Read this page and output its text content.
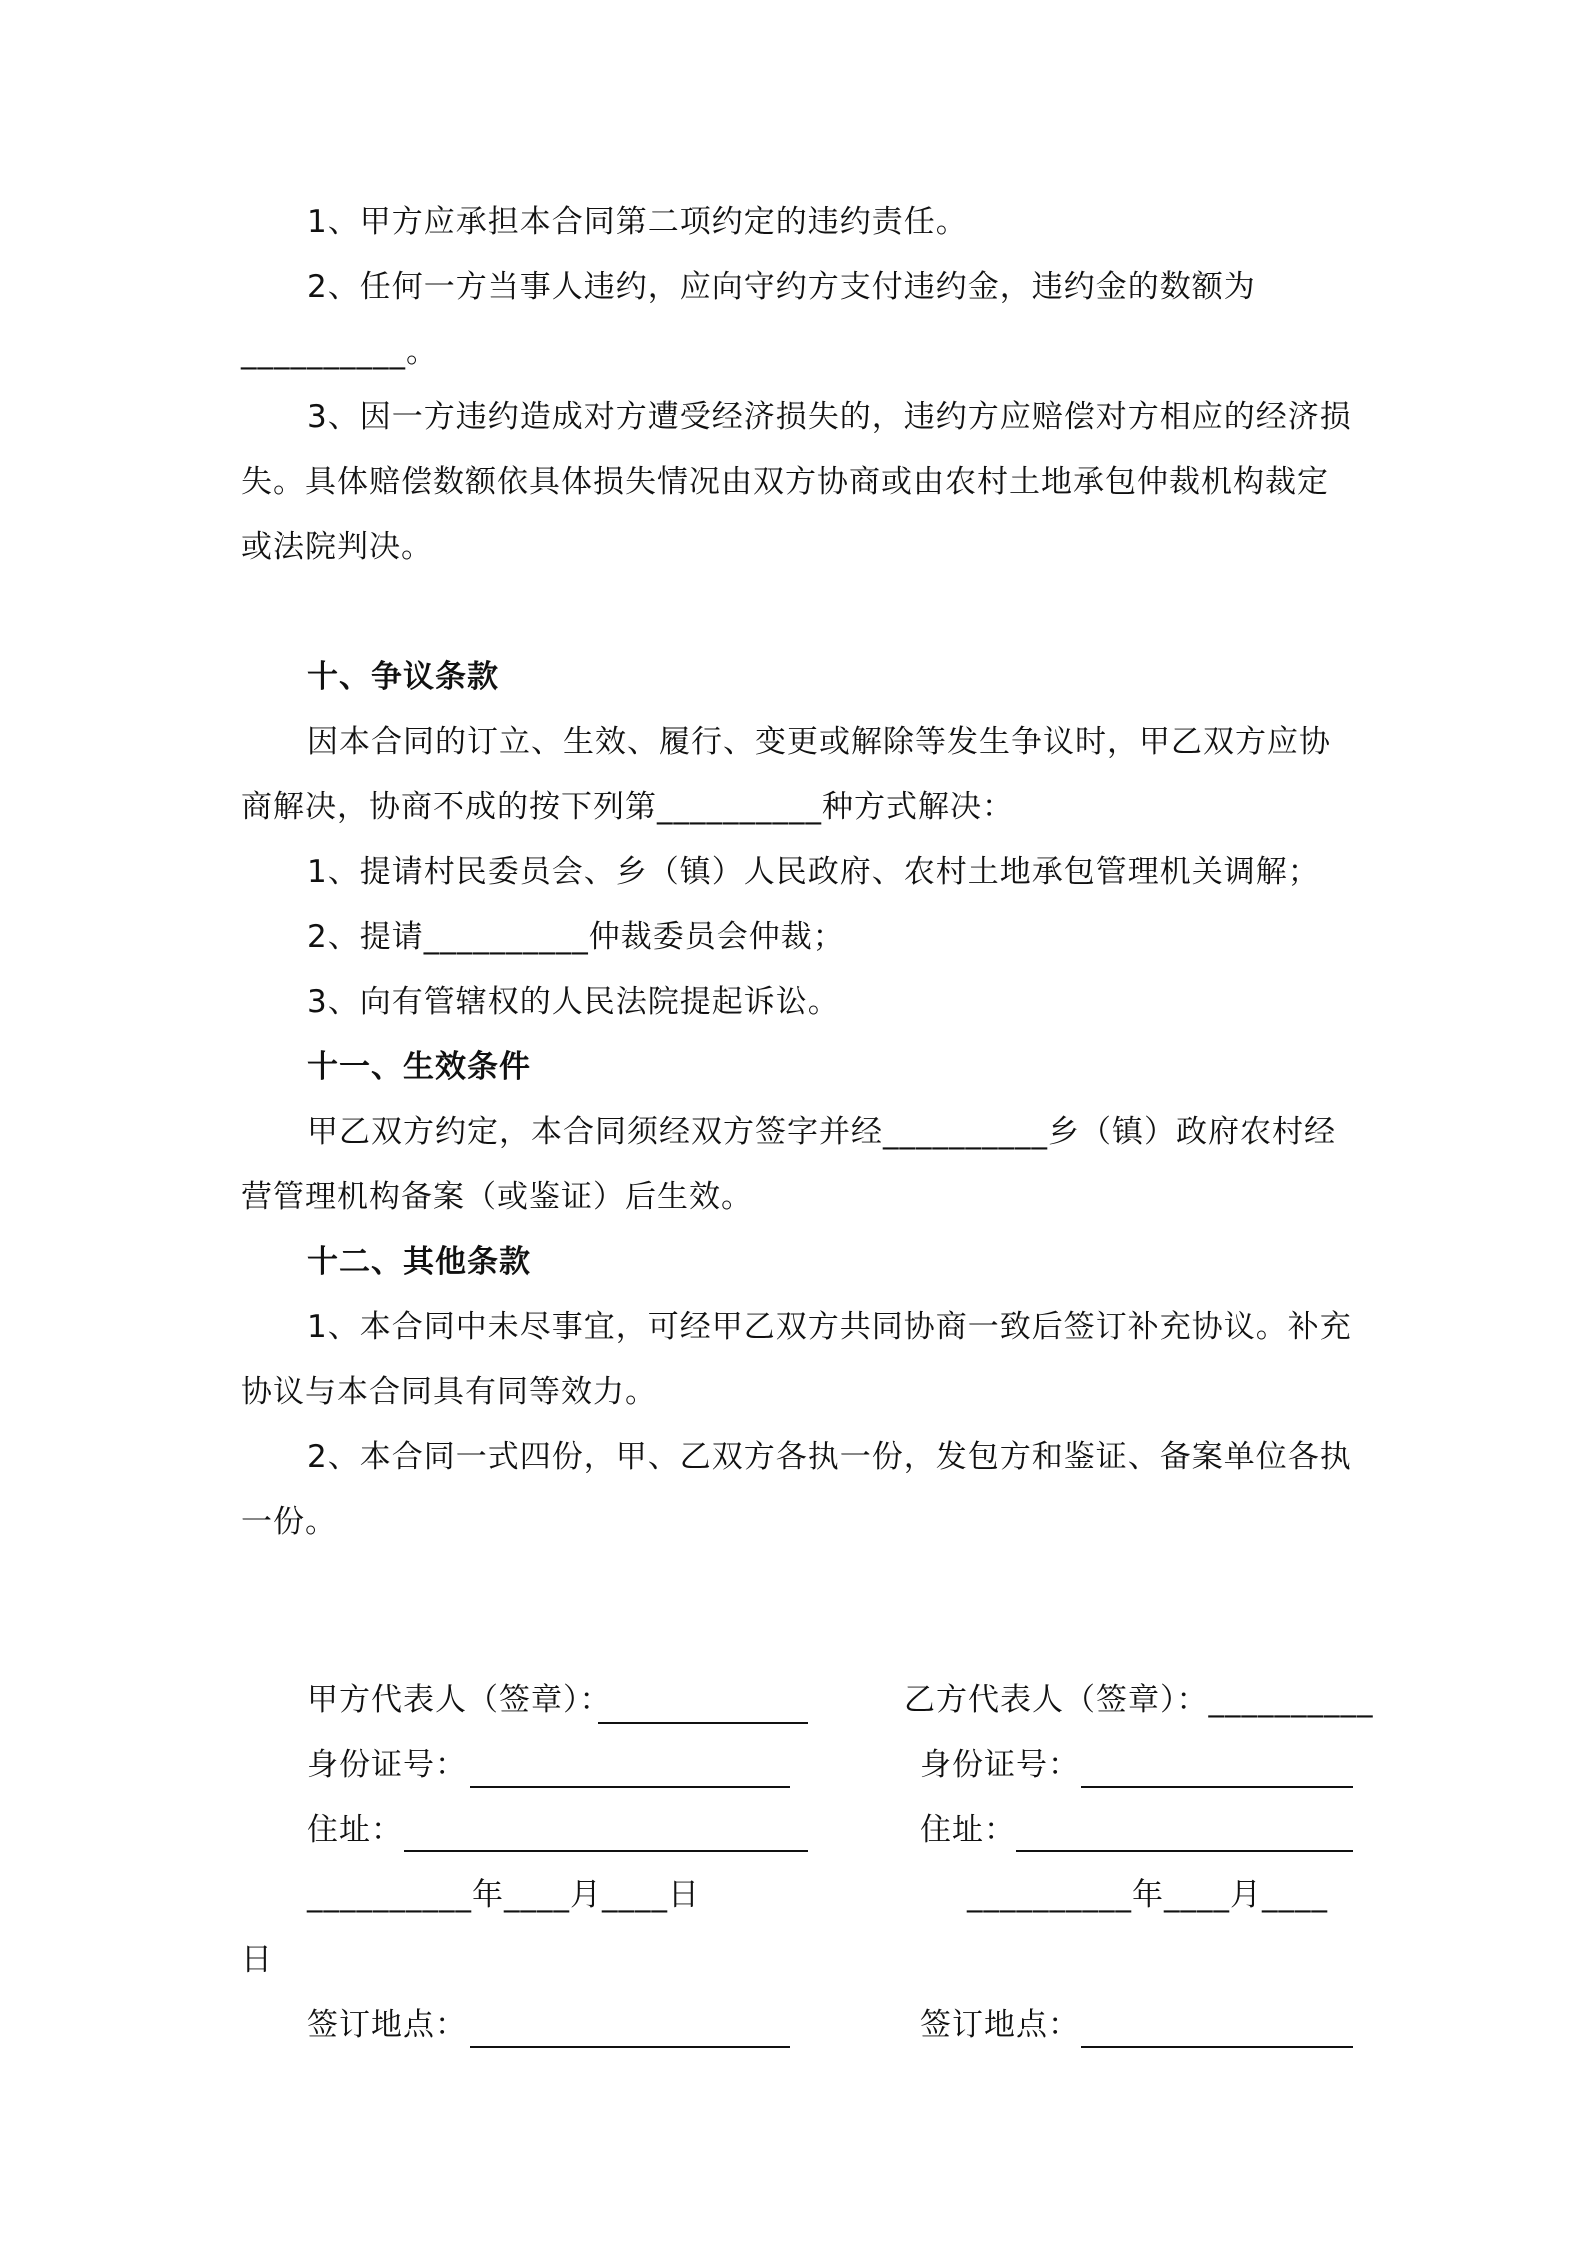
1、甲方应承担本合同第二项约定的违约责任。

2、任何一方当事人违约，应向守约方支付违约金，违约金的数额为

__________。

3、因一方违约造成对方遭受经济损失的，违约方应赔偿对方相应的经济损失。具体赔偿数额依具体损失情况由双方协商或由农村土地承包仲裁机构裁定或法院判决。

十、争议条款

因本合同的订立、生效、履行、变更或解除等发生争议时，甲乙双方应协商解决，协商不成的按下列第__________种方式解决：

1、提请村民委员会、乡（镇）人民政府、农村土地承包管理机关调解；

2、提请__________仲裁委员会仲裁；

3、向有管辖权的人民法院提起诉讼。

十一、生效条件

甲乙双方约定，本合同须经双方签字并经__________乡（镇）政府农村经营管理机构备案（或鉴证）后生效。

十二、其他条款

1、本合同中未尽事宜，可经甲乙双方共同协商一致后签订补充协议。补充协议与本合同具有同等效力。

2、本合同一式四份，甲、乙双方各执一份，发包方和鉴证、备案单位各执一份。

甲方代表人（签章）：
身份证号：
住址：
__________年____月____日
签订地点：
乙方代表人（签章）：__________
身份证号：
住址：
__________年____月____
日
签订地点：
